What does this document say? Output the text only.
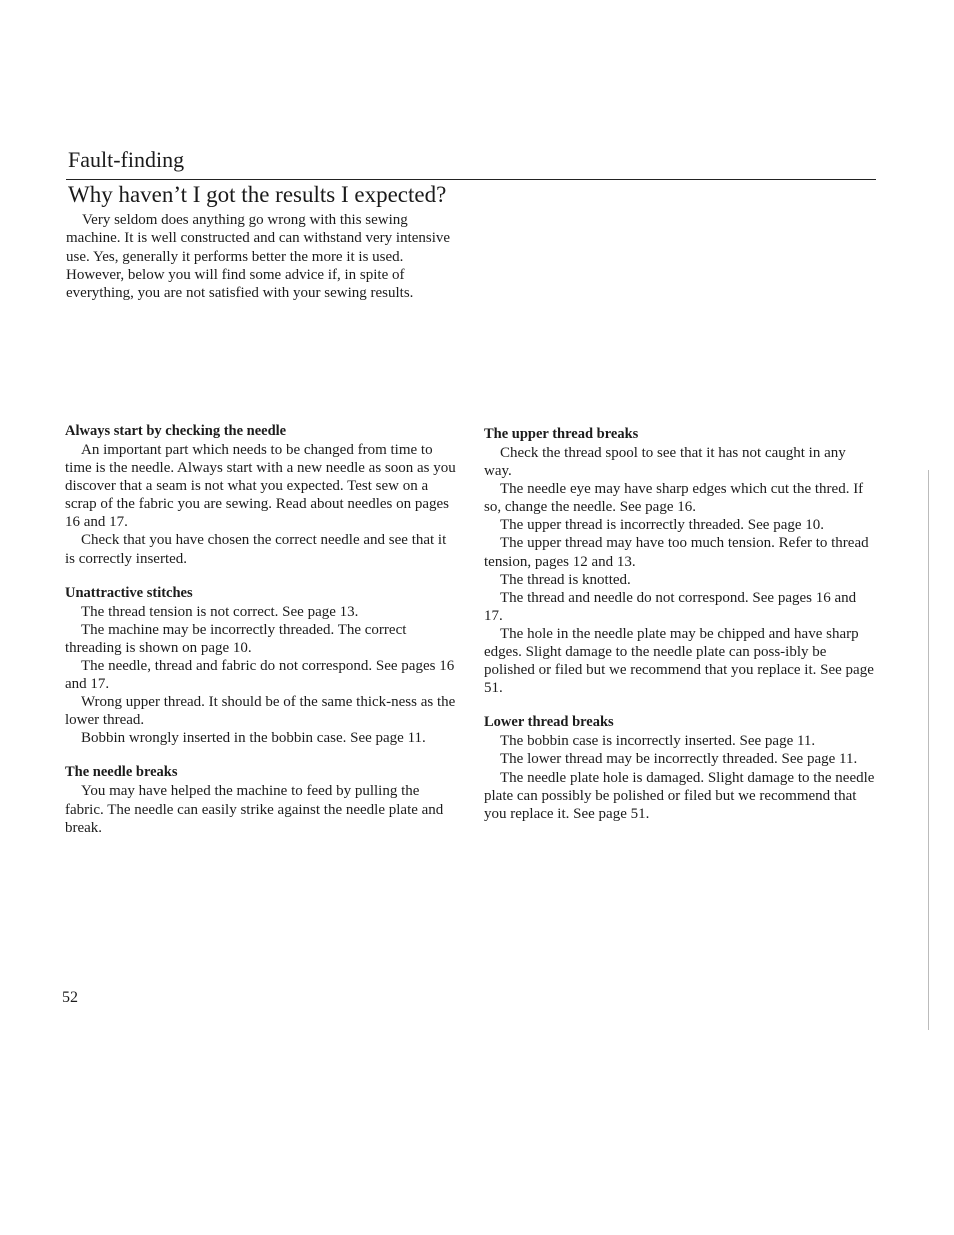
Fault-finding
Why haven’t I got the results I expected?

Very seldom does anything go wrong with this sewing machine. It is well constructed and can withstand very intensive use. Yes, generally it performs better the more it is used. However, below you will find some advice if, in spite of everything, you are not satisfied with your sewing results.

Always start by checking the needle

An important part which needs to be changed from time to time is the needle. Always start with a new needle as soon as you discover that a seam is not what you expected. Test sew on a scrap of the fabric you are sewing. Read about needles on pages 16 and 17.

Check that you have chosen the correct needle and see that it is correctly inserted.

Unattractive stitches

The thread tension is not correct. See page 13.

The machine may be incorrectly threaded. The correct threading is shown on page 10.

The needle, thread and fabric do not correspond. See pages 16 and 17.

Wrong upper thread. It should be of the same thick-ness as the lower thread.

Bobbin wrongly inserted in the bobbin case. See page 11.

The needle breaks

You may have helped the machine to feed by pulling the fabric. The needle can easily strike against the needle plate and break.

The upper thread breaks

Check the thread spool to see that it has not caught in any way.

The needle eye may have sharp edges which cut the thred. If so, change the needle. See page 16.

The upper thread is incorrectly threaded. See page 10.

The upper thread may have too much tension. Refer to thread tension, pages 12 and 13.

The thread is knotted.

The thread and needle do not correspond. See pages 16 and 17.

The hole in the needle plate may be chipped and have sharp edges. Slight damage to the needle plate can poss-ibly be polished or filed but we recommend that you replace it. See page 51.

Lower thread breaks

The bobbin case is incorrectly inserted. See page 11.

The lower thread may be incorrectly threaded. See page 11.

The needle plate hole is damaged. Slight damage to the needle plate can possibly be polished or filed but we recommend that you replace it. See page 51.

52
